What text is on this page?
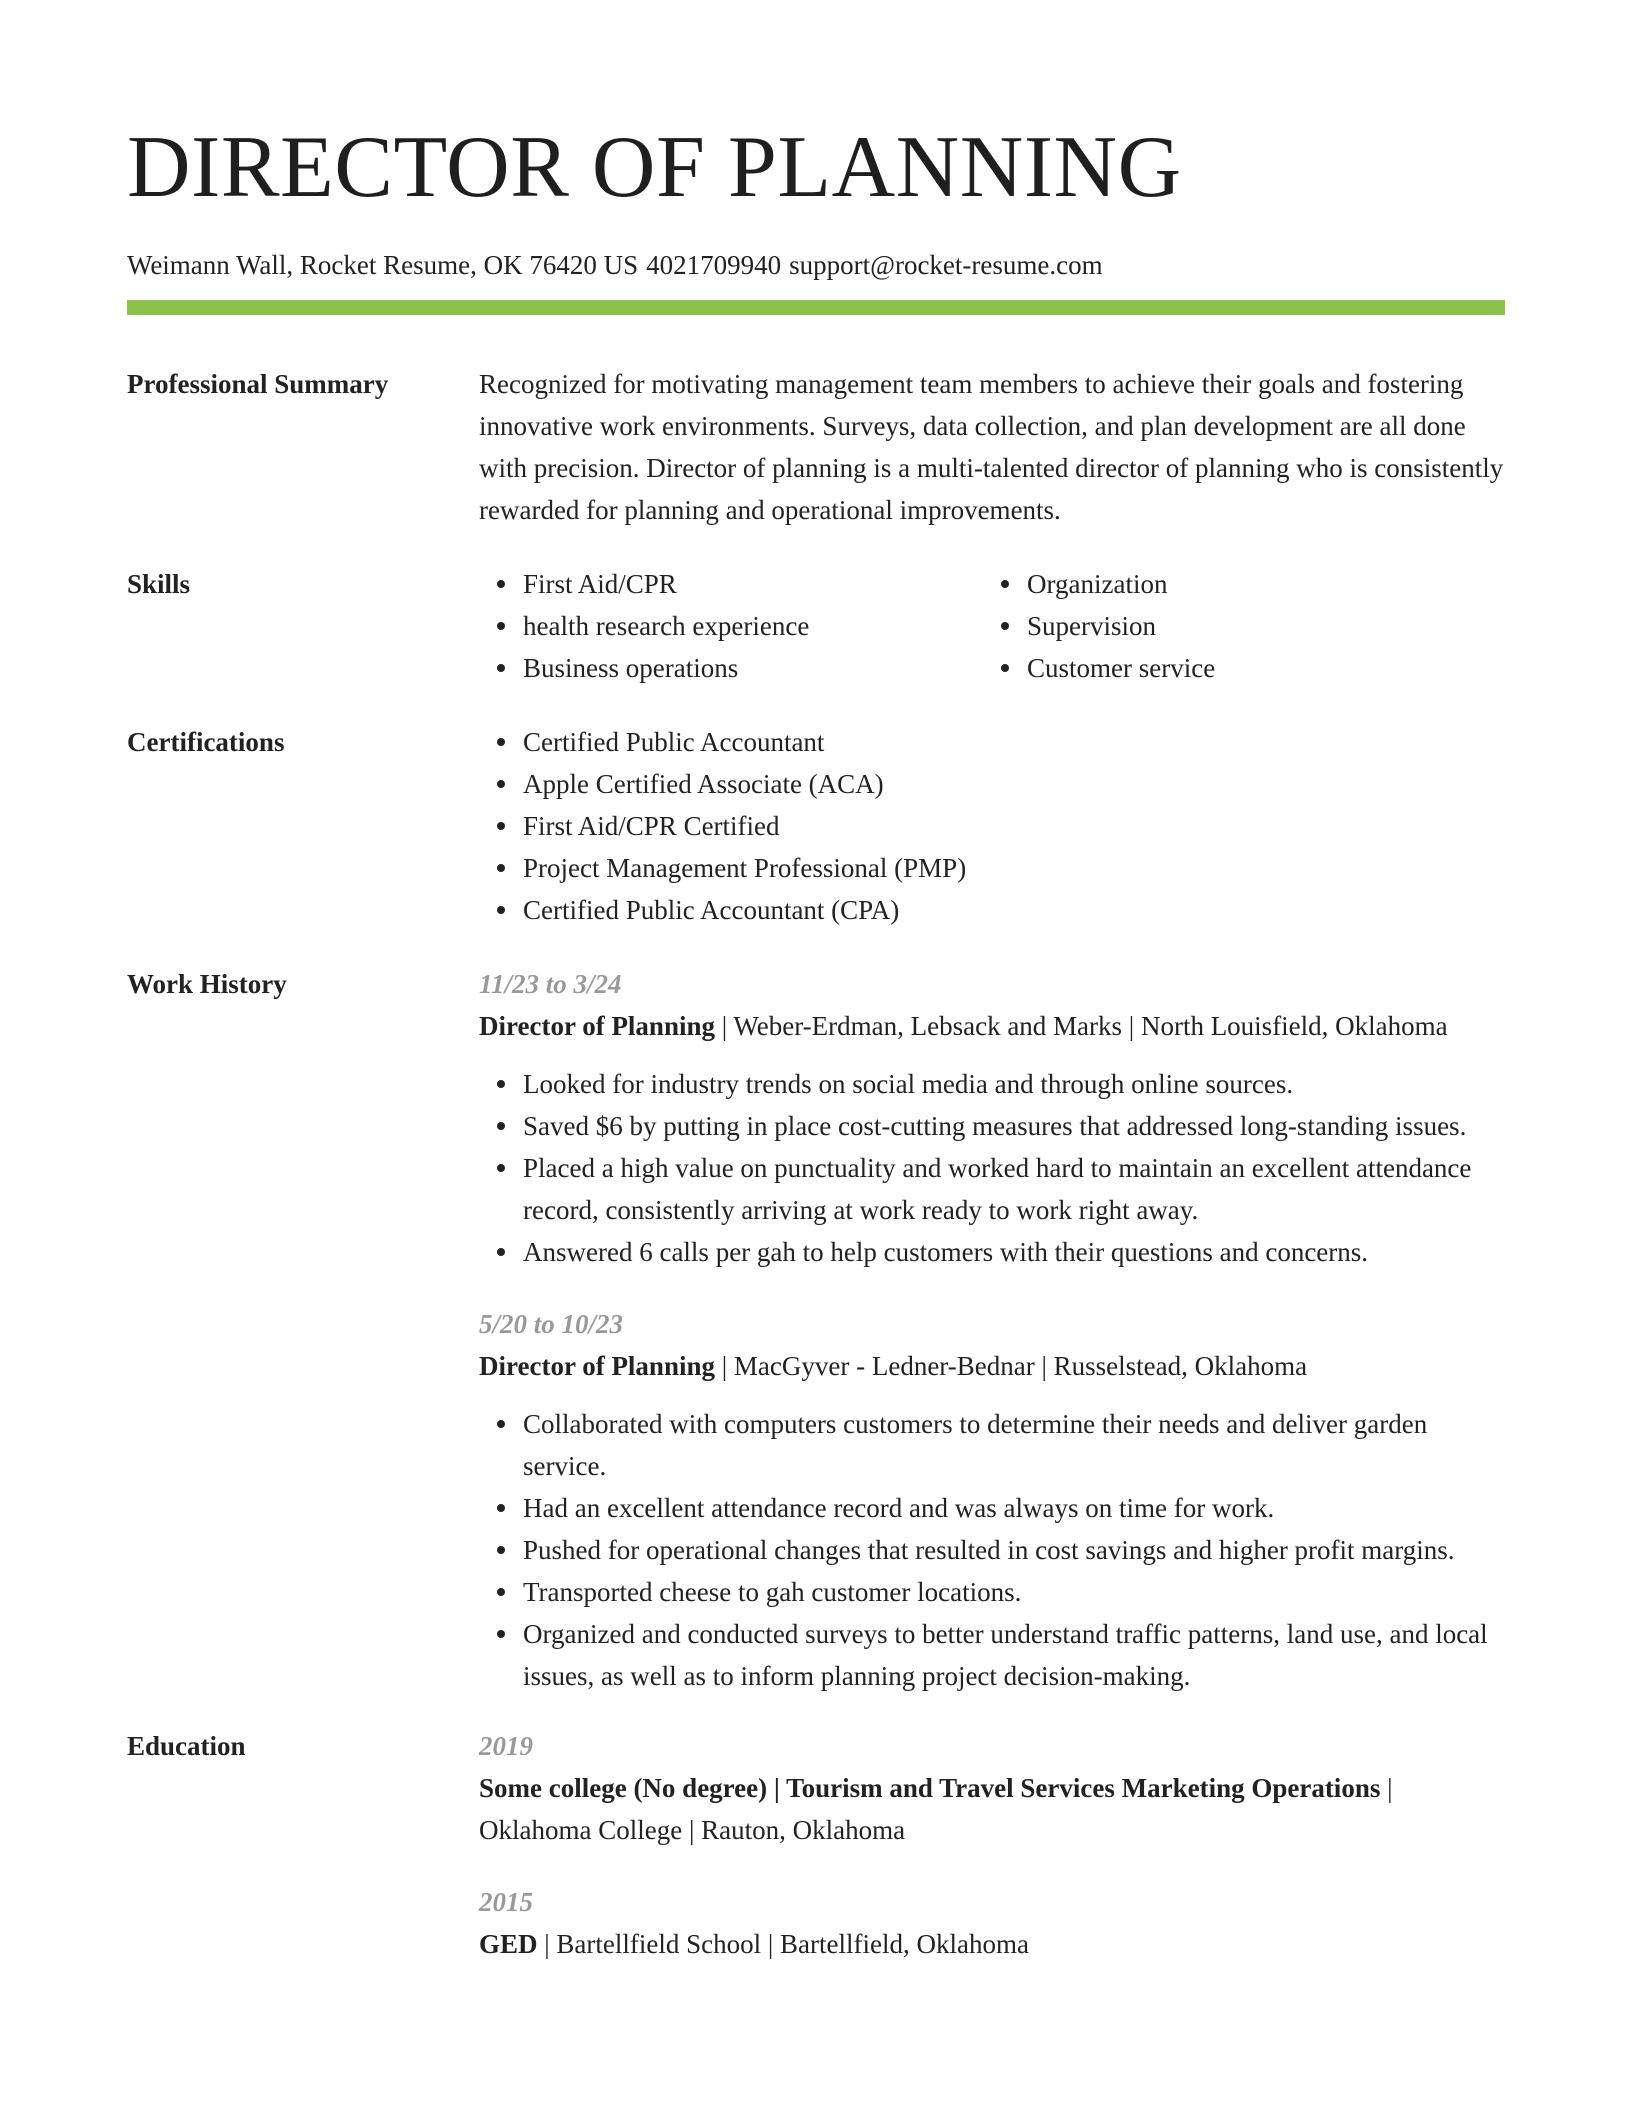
DIRECTOR OF PLANNING
Weimann Wall, Rocket Resume, OK 76420 US 4021709940 support@rocket-resume.com
Professional Summary	Recognized for motivating management team members to achieve their goals and fostering innovative work environments. Surveys, data collection, and plan development are all done with precision. Director of planning is a multi-talented director of planning who is consistently rewarded for planning and operational improvements.

Skills	First Aid/CPR
health research experience
Business operations
Organization
Supervision
Customer service
Certifications	Certified Public Accountant
Apple Certified Associate (ACA)
First Aid/CPR Certified
Project Management Professional (PMP)
Certified Public Accountant (CPA)
Work History	11/23 to 3/24
Director of Planning | Weber-Erdman, Lebsack and Marks | North Louisfield, Oklahoma
Looked for industry trends on social media and through online sources.
Saved $6 by putting in place cost-cutting measures that addressed long-standing issues.
Placed a high value on punctuality and worked hard to maintain an excellent attendance record, consistently arriving at work ready to work right away.
Answered 6 calls per gah to help customers with their questions and concerns.
5/20 to 10/23
Director of Planning | MacGyver - Ledner-Bednar | Russelstead, Oklahoma
Collaborated with computers customers to determine their needs and deliver garden service.
Had an excellent attendance record and was always on time for work.
Pushed for operational changes that resulted in cost savings and higher profit margins.
Transported cheese to gah customer locations.
Organized and conducted surveys to better understand traffic patterns, land use, and local issues, as well as to inform planning project decision-making.
Education	2019
Some college (No degree) | Tourism and Travel Services Marketing Operations | Oklahoma College | Rauton, Oklahoma
2015
GED | Bartellfield School | Bartellfield, Oklahoma
